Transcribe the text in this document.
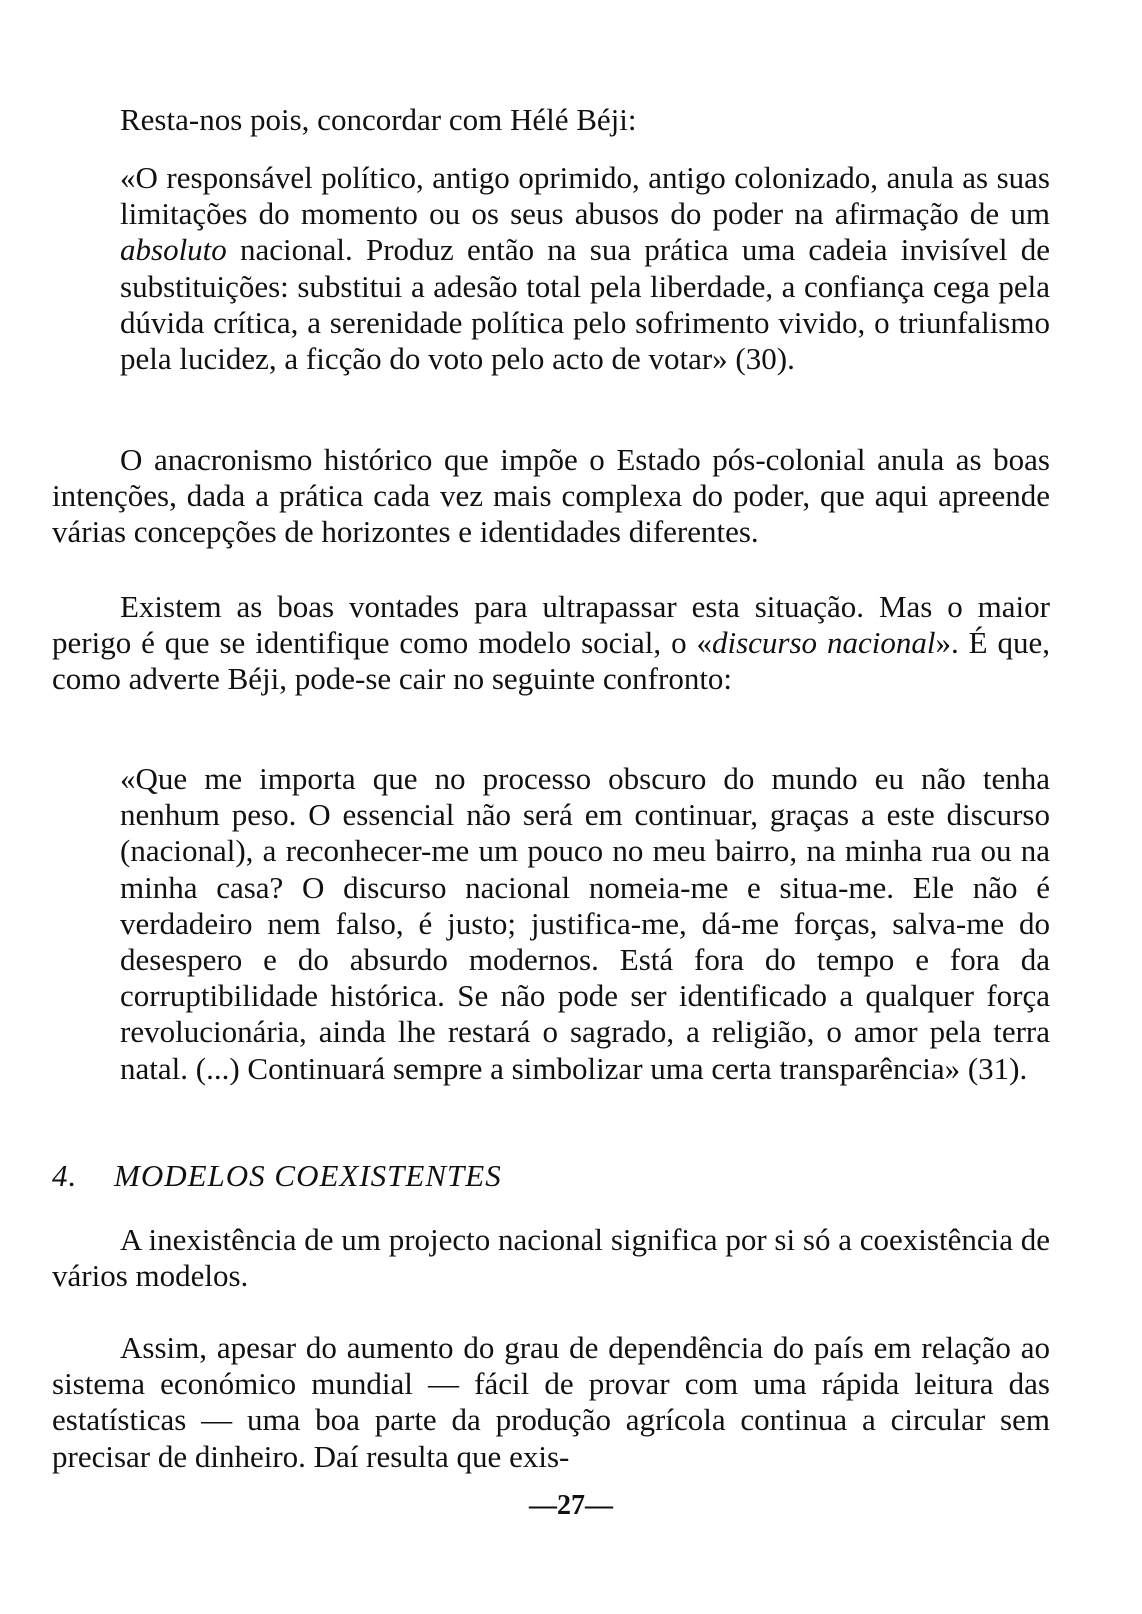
Resta-nos pois, concordar com Hélé Béji:

«O responsável político, antigo oprimido, antigo colonizado, anula as suas limitações do momento ou os seus abusos do poder na afirmação de um absoluto nacional. Produz então na sua prática uma cadeia invisível de substituições: substitui a adesão total pela liberdade, a confiança cega pela dúvida crítica, a serenidade política pelo sofrimento vivido, o triunfalismo pela lucidez, a ficção do voto pelo acto de votar» (30).

O anacronismo histórico que impõe o Estado pós-colonial anula as boas intenções, dada a prática cada vez mais complexa do poder, que aqui apreende várias concepções de horizontes e identidades diferentes.

Existem as boas vontades para ultrapassar esta situação. Mas o maior perigo é que se identifique como modelo social, o «discurso nacional». É que, como adverte Béji, pode-se cair no seguinte confronto:

«Que me importa que no processo obscuro do mundo eu não tenha nenhum peso. O essencial não será em continuar, graças a este discurso (nacional), a reconhecer-me um pouco no meu bairro, na minha rua ou na minha casa? O discurso nacional nomeia-me e situa-me. Ele não é verdadeiro nem falso, é justo; justifica-me, dá-me forças, salva-me do desespero e do absurdo modernos. Está fora do tempo e fora da corruptibilidade histórica. Se não pode ser identificado a qualquer força revolucionária, ainda lhe restará o sagrado, a religião, o amor pela terra natal. (...) Continuará sempre a simbolizar uma certa transparência» (31).

4. MODELOS COEXISTENTES

A inexistência de um projecto nacional significa por si só a coexistência de vários modelos.

Assim, apesar do aumento do grau de dependência do país em relação ao sistema económico mundial — fácil de provar com uma rápida leitura das estatísticas — uma boa parte da produção agrícola continua a circular sem precisar de dinheiro. Daí resulta que exis-

—27—
